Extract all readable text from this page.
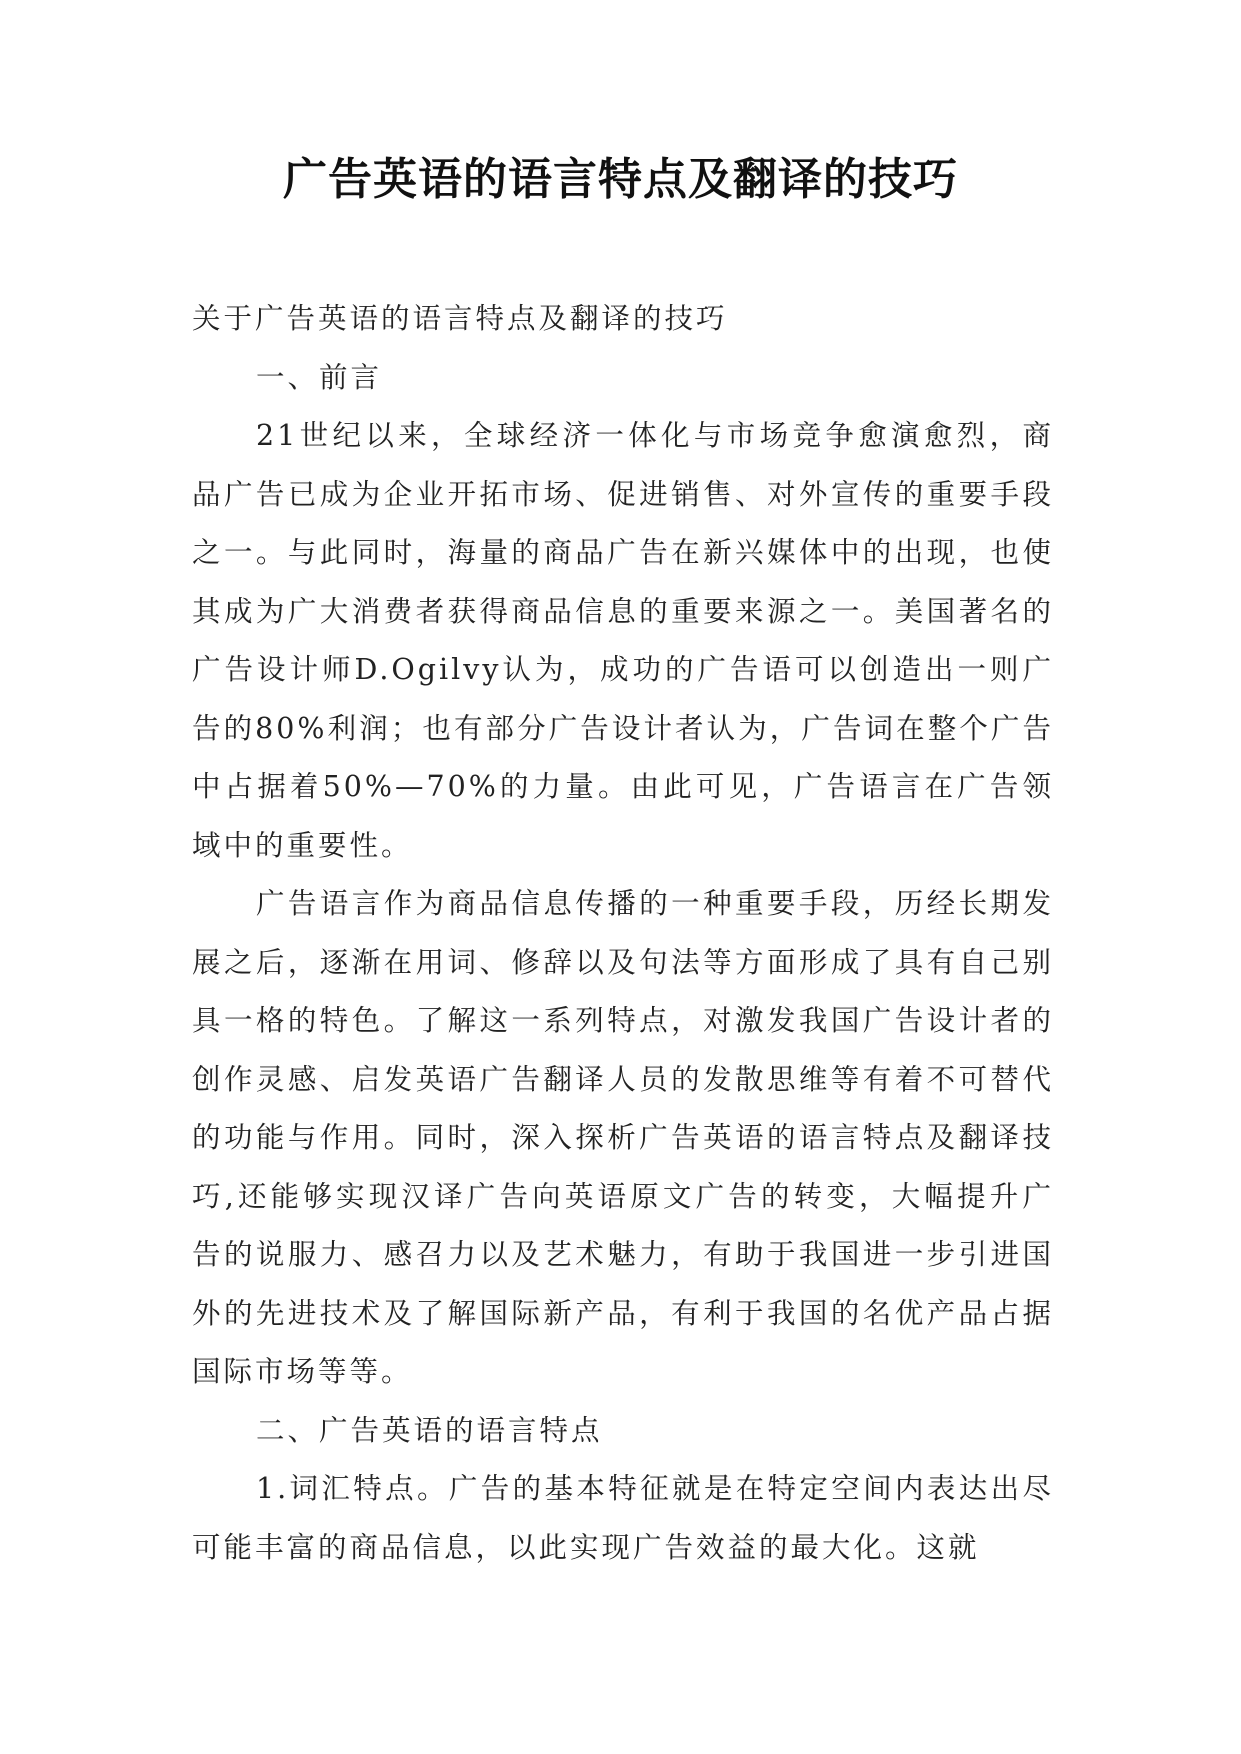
广告英语的语言特点及翻译的技巧

关于广告英语的语言特点及翻译的技巧

一、前言

21世纪以来，全球经济一体化与市场竞争愈演愈烈，商品广告已成为企业开拓市场、促进销售、对外宣传的重要手段之一。与此同时，海量的商品广告在新兴媒体中的出现，也使其成为广大消费者获得商品信息的重要来源之一。美国著名的广告设计师D.Ogilvy认为，成功的广告语可以创造出一则广告的80%利润；也有部分广告设计者认为，广告词在整个广告中占据着50%—70%的力量。由此可见，广告语言在广告领域中的重要性。

广告语言作为商品信息传播的一种重要手段，历经长期发展之后，逐渐在用词、修辞以及句法等方面形成了具有自己别具一格的特色。了解这一系列特点，对激发我国广告设计者的创作灵感、启发英语广告翻译人员的发散思维等有着不可替代的功能与作用。同时，深入探析广告英语的语言特点及翻译技巧,还能够实现汉译广告向英语原文广告的转变，大幅提升广告的说服力、感召力以及艺术魅力，有助于我国进一步引进国外的先进技术及了解国际新产品，有利于我国的名优产品占据国际市场等等。

二、广告英语的语言特点

1.词汇特点。广告的基本特征就是在特定空间内表达出尽可能丰富的商品信息，以此实现广告效益的最大化。这就
